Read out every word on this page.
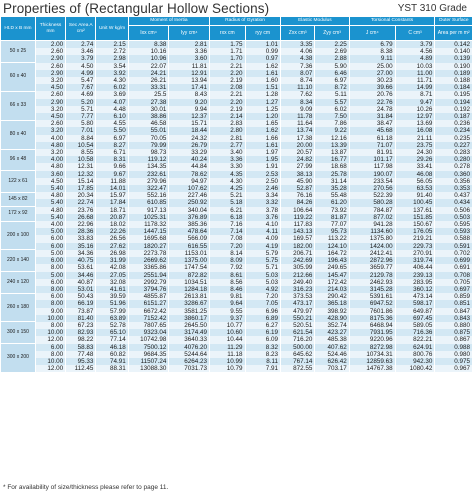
Properties of (Rectangular Hollow Sections)	YST 310 Grade
Ht.D x B mm	Thickness mm	Sec Area A cm²	Unit W kg/m	Moment of Inertia		Radius of Gyration		Elastic Modulus		Torsional Constants		Outer Surface
				Ixx cm⁴	Iyy cm⁴	rxx cm	ryy cm	Zxx cm³	Zyy cm³	J cm⁴	C cm³	Area per m m²
50 x 25	2.00	2.74	2.15	8.38	2.81	1.75	1.01	3.35	2.25	6.79	3.79	0.142
	2.60	3.46	2.72	10.16	3.36	1.71	0.99	4.06	2.69	8.38	4.56	0.140
	2.90	3.79	2.98	10.96	3.60	1.70	0.97	4.38	2.88	9.11	4.89	0.139
60 x 40	2.60	4.50	3.54	22.07	11.81	2.21	1.62	7.36	5.90	25.00	10.03	0.190
	2.90	4.99	3.92	24.21	12.91	2.20	1.61	8.07	6.46	27.00	11.00	0.189
	3.20	5.47	4.30	26.21	13.94	2.19	1.60	8.74	6.97	30.23	11.71	0.188
	4.50	7.67	6.02	33.31	17.41	2.08	1.51	11.10	8.72	39.66	14.99	0.184
66 x 33	2.60	4.69	3.69	25.5	8.43	2.21	1.28	7.62	5.11	20.76	8.71	0.195
	2.90	5.20	4.07	27.38	9.20	2.20	1.27	8.34	5.57	22.76	9.47	0.194
	3.20	5.71	4.48	30.01	9.94	2.19	1.25	9.09	6.02	24.78	10.26	0.192
	4.50	7.77	6.10	38.86	12.37	2.14	1.20	11.78	7.50	31.84	12.97	0.187
80 x 40	2.60	5.80	4.55	46.58	15.71	2.83	1.65	11.64	7.86	38.47	13.69	0.236
	3.20	7.01	5.50	55.01	18.44	2.80	1.62	13.74	9.22	45.68	16.08	0.234
	4.00	8.84	6.97	70.05	24.32	2.81	1.66	17.38	12.16	61.18	21.11	0.235
	4.80	10.54	8.27	79.99	26.79	2.77	1.61	20.00	13.39	71.07	23.75	0.227
96 x 48	3.20	8.55	6.71	98.73	33.29	3.40	1.97	20.57	13.87	81.91	24.30	0.283
	4.00	10.58	8.31	119.12	40.24	3.36	1.95	24.82	16.77	101.17	29.26	0.280
	4.80	12.31	9.66	134.35	44.84	3.30	1.91	27.99	18.68	117.98	33.41	0.278
122 x 61	3.60	12.32	9.67	232.61	78.62	4.35	2.53	38.13	25.78	190.07	46.08	0.360
	4.50	15.14	11.88	279.96	94.97	4.30	2.50	45.90	31.14	233.54	56.05	0.356
	5.40	17.85	14.01	322.47	107.62	4.25	2.46	52.87	35.28	270.56	63.53	0.353
145 x 82	4.80	20.34	15.97	552.16	227.46	5.21	3.34	76.16	55.48	522.39	91.40	0.437
	5.40	22.74	17.84	610.85	250.92	5.18	3.32	84.26	61.20	580.28	100.45	0.434
172 x 92	4.80	23.76	18.71	917.13	340.04	6.21	3.78	106.64	73.92	784.87	137.61	0.506
	5.40	26.68	20.87	1025.31	376.89	6.18	3.76	119.22	81.87	877.02	151.85	0.503
200 x 100	4.00	22.96	18.02	1178.32	385.36	7.16	4.10	117.83	77.07	941.28	150.67	0.595
	5.00	28.36	22.26	1447.15	478.64	7.14	4.11	143.13	95.73	1134.60	176.05	0.593
	6.00	33.83	26.56	1695.68	566.09	7.08	4.09	169.57	113.22	1375.80	219.21	0.588
	6.00	35.16	27.62	1820.27	616.55	7.20	4.19	182.00	124.10	1424.00	229.73	0.591
220 x 140	5.00	34.36	26.98	2273.78	1153.01	8.14	5.79	206.71	164.72	2412.41	270.91	0.702
	6.00	40.75	31.99	2669.62	1375.00	8.09	5.75	242.69	196.43	2872.96	319.74	0.699
	8.00	53.61	42.08	3365.86	1747.54	7.92	5.71	305.99	249.65	3659.77	406.44	0.691
240 x 120	5.00	34.46	27.05	2551.94	872.82	8.61	5.03	212.66	145.47	2129.78	239.13	0.708
	6.00	40.87	32.08	2992.79	1034.51	8.56	5.03	249.40	172.42	2462.93	283.95	0.705
	8.00	53.01	41.61	3794.76	1284.18	8.46	4.92	316.23	214.03	3145.28	360.12	0.697
260 x 180	6.00	50.43	39.59	4855.87	2613.81	9.81	7.20	373.53	290.42	5391.61	473.14	0.859
	8.00	66.19	51.96	6151.27	3286.67	9.64	7.05	473.17	365.18	6947.52	598.17	0.851
	9.00	73.87	57.99	6672.42	3581.25	9.55	6.96	479.97	398.92	7601.86	649.87	0.847
	10.00	81.40	63.89	7152.42	3860.17	9.37	6.89	550.21	428.90	8175.36	697.45	0.843
300 x 150	8.00	67.23	52.78	7807.65	2645.50	10.77	6.27	520.51	352.74	6468.94	589.05	0.880
	10.00	82.93	65.10	9323.04	3174.49	10.60	6.19	621.54	423.27	7931.95	716.36	0.875
	12.00	98.22	77.14	10742.98	3640.33	10.44	6.09	716.20	485.38	9220.96	822.21	0.867
300 x 200	6.00	58.83	46.18	7500.12	4076.20	11.29	8.32	500.00	407.62	8272.98	624.91	0.988
	8.00	77.48	60.82	9684.35	5244.64	11.18	8.23	645.62	524.46	10734.31	800.76	0.980
	10.00	95.33	74.91	11507.24	6264.23	10.99	8.11	767.14	626.42	12859.63	942.30	0.975
	12.00	112.45	88.31	13088.30	7031.73	10.79	7.91	872.55	703.17	14767.38	1080.42	0.967
* For availability of size/thickness please refer to page 11.
